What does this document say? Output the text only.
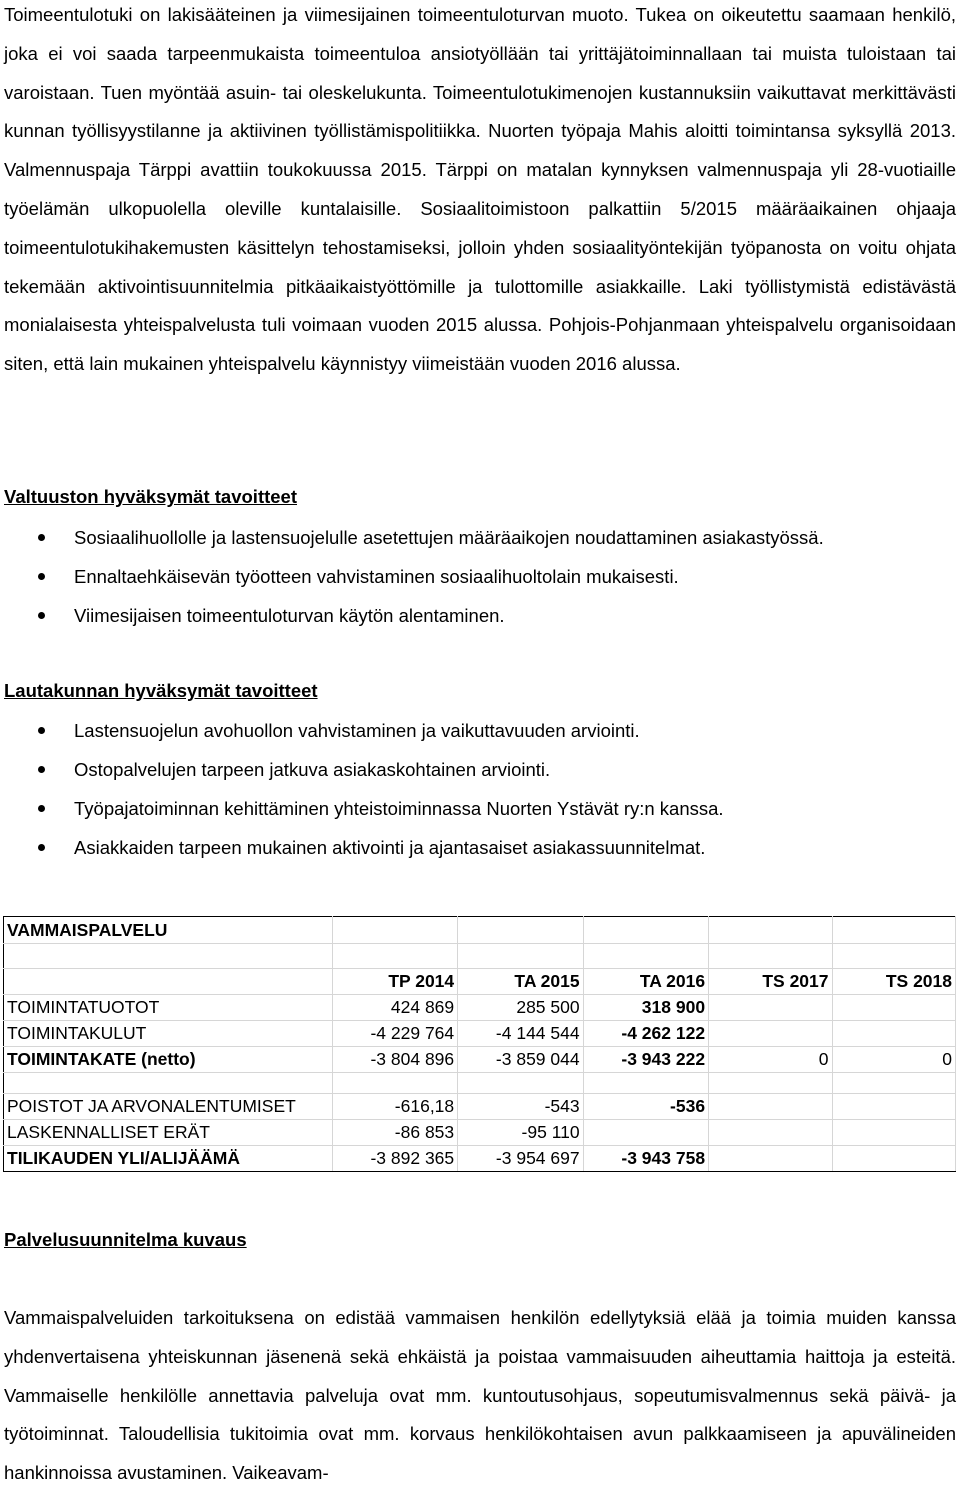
Toimeentulotuki on lakisääteinen ja viimesijainen toimeentuloturvan muoto. Tukea on oikeutettu saamaan henkilö, joka ei voi saada tarpeenmukaista toimeentuloa ansiotyöllään tai yrittäjätoiminnallaan tai muista tuloistaan tai varoistaan. Tuen myöntää asuin- tai oleskelukunta. Toimeentulotukimenojen kustannuksiin vaikuttavat merkittävästi kunnan työllisyystilanne ja aktiivinen työllistämispolitiikka. Nuorten työpaja Mahis aloitti toimintansa syksyllä 2013. Valmennuspaja Tärppi avattiin toukokuussa 2015. Tärppi on matalan kynnyksen valmennuspaja yli 28-vuotiaille työelämän ulkopuolella oleville kuntalaisille. Sosiaalitoimistoon palkattiin 5/2015 määräaikainen ohjaaja toimeentulotukihakemusten käsittelyn tehostamiseksi, jolloin yhden sosiaalityöntekijän työpanosta on voitu ohjata tekemään aktivointisuunnitelmia pitkäaikaistyöttömille ja tulottomille asiakkaille. Laki työllistymistä edistävästä monialaisesta yhteispalvelusta tuli voimaan vuoden 2015 alussa. Pohjois-Pohjanmaan yhteispalvelu organisoidaan siten, että lain mukainen yhteispalvelu käynnistyy viimeistään vuoden 2016 alussa.

Valtuuston hyväksymät tavoitteet
Sosiaalihuollolle ja lastensuojelulle asetettujen määräaikojen noudattaminen asiakastyössä.
Ennaltaehkäisevän työotteen vahvistaminen sosiaalihuoltolain mukaisesti.
Viimesijaisen toimeentuloturvan käytön alentaminen.
Lautakunnan hyväksymät tavoitteet
Lastensuojelun avohuollon vahvistaminen ja vaikuttavuuden arviointi.
Ostopalvelujen tarpeen jatkuva asiakaskohtainen arviointi.
Työpajatoiminnan kehittäminen yhteistoiminnassa Nuorten Ystävät ry:n kanssa.
Asiakkaiden tarpeen mukainen aktivointi ja ajantasaiset asiakassuunnitelmat.
VAMMAISPALVELU					

	TP 2014	TA 2015	TA 2016	TS 2017	TS 2018
TOIMINTATUOTOT	424 869	285 500	318 900		
TOIMINTAKULUT	-4 229 764	-4 144 544	-4 262 122		
TOIMINTAKATE (netto)	-3 804 896	-3 859 044	-3 943 222	0	0

POISTOT JA ARVONALENTUMISET	-616,18	-543	-536		
LASKENNALLISET ERÄT	-86 853	-95 110			
TILIKAUDEN YLI/ALIJÄÄMÄ	-3 892 365	-3 954 697	-3 943 758		
Palvelusuunnitelma kuvaus

Vammaispalveluiden tarkoituksena on edistää vammaisen henkilön edellytyksiä elää ja toimia muiden kanssa yhdenvertaisena yhteiskunnan jäsenenä sekä ehkäistä ja poistaa vammaisuuden aiheuttamia haittoja ja esteitä. Vammaiselle henkilölle annettavia palveluja ovat mm. kuntoutusohjaus, sopeutumisvalmennus sekä päivä- ja työtoiminnat. Taloudellisia tukitoimia ovat mm. korvaus henkilökohtaisen avun palkkaamiseen ja apuvälineiden hankinnoissa avustaminen. Vaikeavam-
